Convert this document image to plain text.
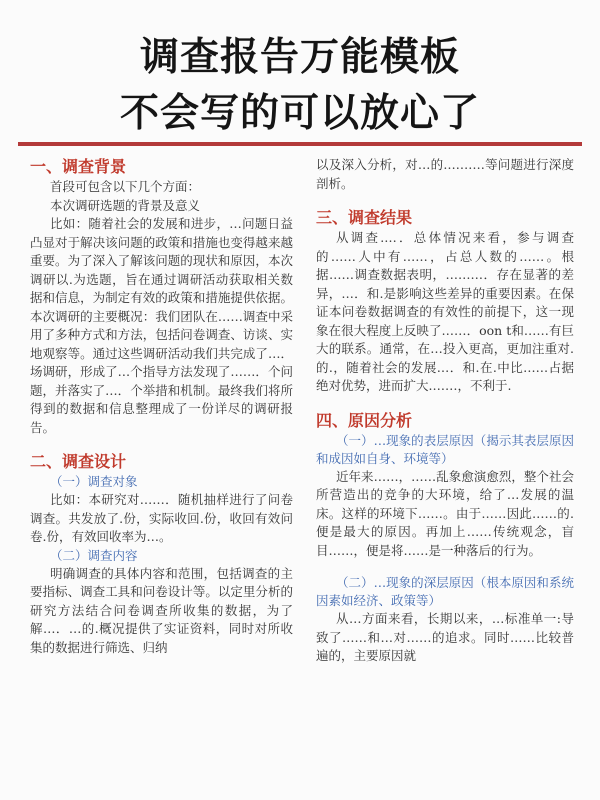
调查报告万能模板
不会写的可以放心了

一、调查背景

首段可包含以下几个方面：

本次调研选题的背景及意义

比如：随着社会的发展和进步，…问题日益凸显对于解决该问题的政策和措施也变得越来越重要。为了深入了解该问题的现状和原因，本次调研以.为选题，旨在通过调研活动获取相关数据和信息，为制定有效的政策和措施提供依据。本次调研的主要概况：我们团队在……调查中采用了多种方式和方法，包括问卷调查、访谈、实地观察等。通过这些调研活动我们共完成了…．场调研，形成了…个指导方法发现了……．个问题，并落实了…．个举措和机制。最终我们将所得到的数据和信息整理成了一份详尽的调研报告。

二、调查设计

（一）调查对象

比如：本研究对……．随机抽样进行了问卷调查。共发放了.份，实际收回.份，收回有效问卷.份，有效回收率为…。

（二）调查内容

明确调查的具体内容和范围，包括调查的主要指标、调查工具和问卷设计等。以定里分析的研究方法结合问卷调查所收集的数据，为了解…．…的.概况提供了实证资料，同时对所收集的数据进行筛选、归纳

以及深入分析，对…的.………等问题进行深度剖析。

三、调查结果

从调查.…．总体情况来看，参与调查的……人中有……，占总人数的……。根据……调查数据表明，………．存在显著的差异，…．和.是影响这些差异的重要因素。在保证本问卷数据调查的有效性的前提下，这一现象在很大程度上反映了……．oon t和……有巨大的联系。通常，在…投入更高，更加注重对.的.，随着社会的发展…．和.在.中比……占据绝对优势，进而扩大.……，不利于.

四、原因分析

（一）…现象的表层原因（揭示其表层原因和成因如自身、环境等）

近年来……，……乱象愈演愈烈，整个社会所营造出的竞争的大环境，给了…发展的温床。这样的环境下……。由于……因此……的.便是最大的原因。再加上……传统观念，盲目……，便是将……是一种落后的行为。

（二）…现象的深层原因（根本原因和系统因素如经济、政策等）

从…方面来看，长期以来，…标准单一:导致了……和…对……的追求。同时……比较普遍的，主要原因就
